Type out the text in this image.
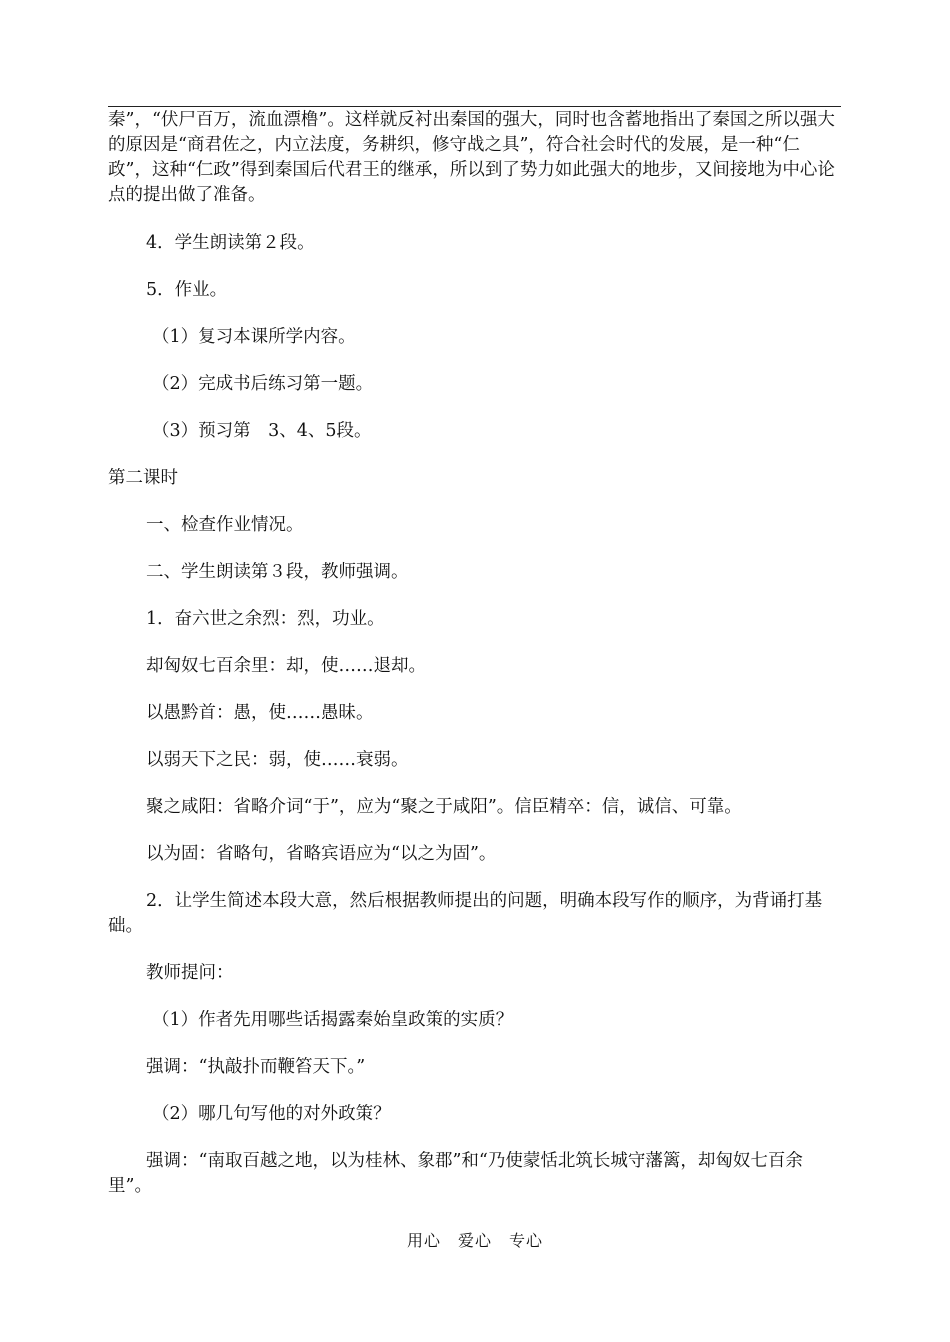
秦”，“伏尸百万，流血漂橹”。这样就反衬出秦国的强大，同时也含蓄地指出了秦国之所以强大的原因是“商君佐之，内立法度，务耕织，修守战之具”，符合社会时代的发展，是一种“仁政”，这种“仁政”得到秦国后代君王的继承，所以到了势力如此强大的地步，又间接地为中心论点的提出做了准备。

4．学生朗读第２段。

5．作业。

（1）复习本课所学内容。

（2）完成书后练习第一题。

（3）预习第　3、4、5段。

第二课时

一、检查作业情况。

二、学生朗读第３段，教师强调。

1．奋六世之余烈：烈，功业。

却匈奴七百余里：却，使……退却。

以愚黔首：愚，使……愚昧。

以弱天下之民：弱，使……衰弱。

聚之咸阳：省略介词“于”，应为“聚之于咸阳”。信臣精卒：信，诚信、可靠。

以为固：省略句，省略宾语应为“以之为固”。

2．让学生简述本段大意，然后根据教师提出的问题，明确本段写作的顺序，为背诵打基础。

教师提问：

（1）作者先用哪些话揭露秦始皇政策的实质？

强调：“执敲扑而鞭笞天下。”

（2）哪几句写他的对外政策？

强调：“南取百越之地，以为桂林、象郡”和“乃使蒙恬北筑长城守藩篱，却匈奴七百余里”。

用心　爱心　专心
